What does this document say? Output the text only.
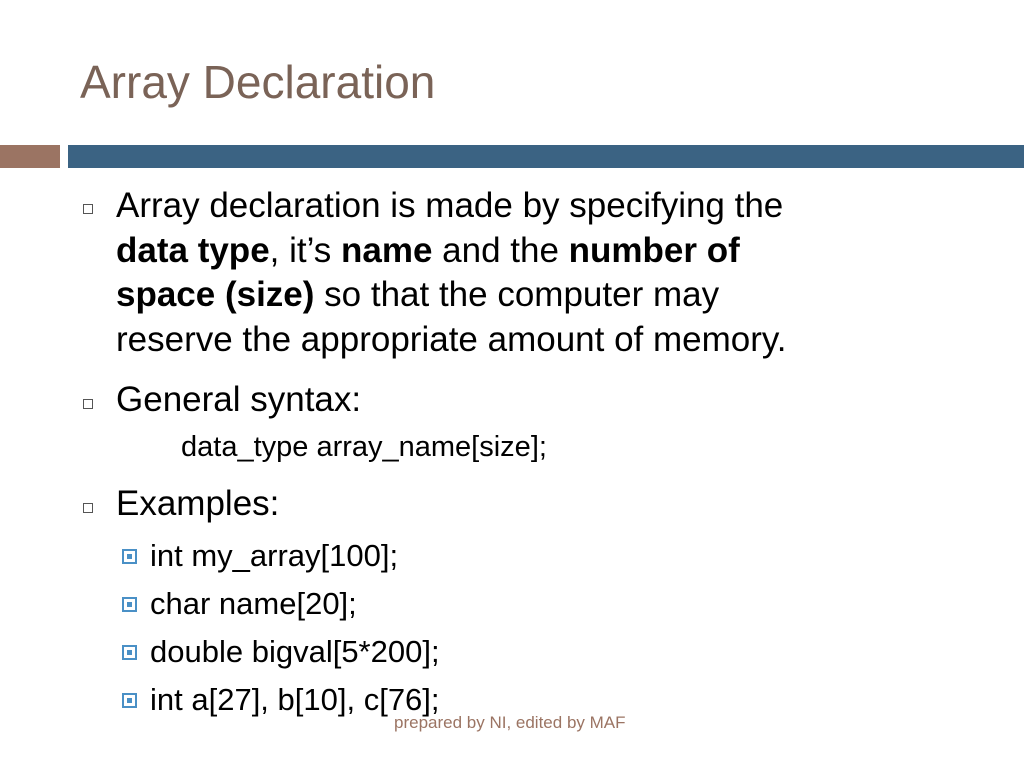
Array Declaration
Array declaration is made by specifying the
data type, it’s name and the number of
space (size) so that the computer may
reserve the appropriate amount of memory.
General syntax:
data_type array_name[size];
Examples:
int my_array[100];
char name[20];
double bigval[5*200];
int a[27], b[10], c[76];
prepared by NI, edited by MAF
